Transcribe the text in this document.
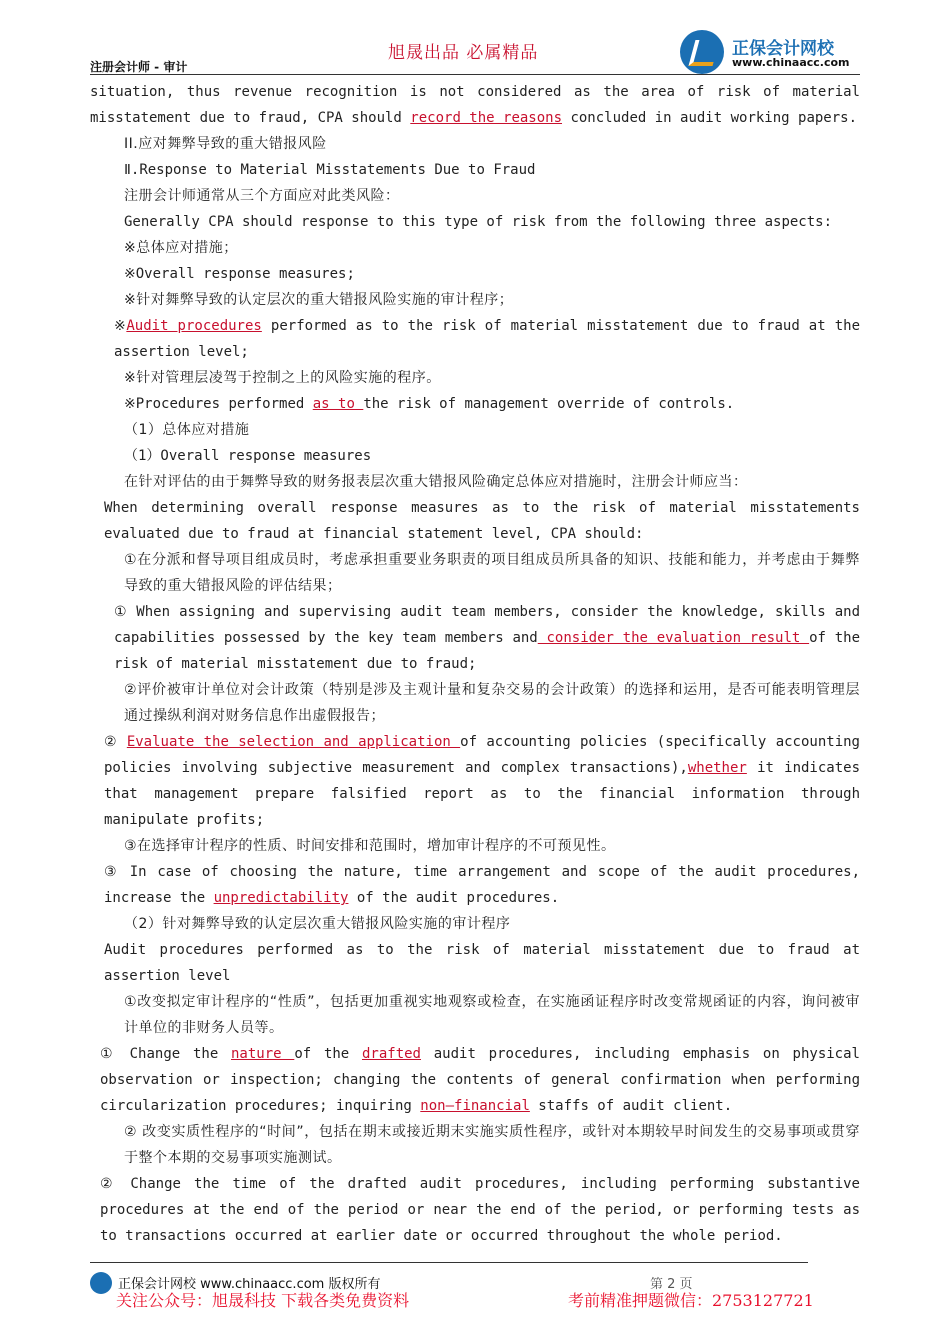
旭晟出品 必属精品
注册会计师 - 审计
正保会计网校
www.chinaacc.com

situation, thus revenue recognition is not considered as the area of risk of material misstatement due to fraud, CPA should record the reasons concluded in audit working papers.

II.应对舞弊导致的重大错报风险

Ⅱ.Response to Material Misstatements Due to Fraud

注册会计师通常从三个方面应对此类风险：

Generally CPA should response to this type of risk from the following three aspects:

※总体应对措施；

※Overall response measures;

※针对舞弊导致的认定层次的重大错报风险实施的审计程序；

※Audit procedures performed as to the risk of material misstatement due to fraud at the assertion level;

※针对管理层凌驾于控制之上的风险实施的程序。

※Procedures performed as to the risk of management override of controls.

（1）总体应对措施

（1）Overall response measures

在针对评估的由于舞弊导致的财务报表层次重大错报风险确定总体应对措施时，注册会计师应当：

When determining overall response measures as to the risk of material misstatements evaluated due to fraud at financial statement level, CPA should:

①在分派和督导项目组成员时，考虑承担重要业务职责的项目组成员所具备的知识、技能和能力，并考虑由于舞弊导致的重大错报风险的评估结果；

① When assigning and supervising audit team members, consider the knowledge, skills and capabilities possessed by the key team members and consider the evaluation result of the risk of material misstatement due to fraud;

②评价被审计单位对会计政策（特别是涉及主观计量和复杂交易的会计政策）的选择和运用，是否可能表明管理层通过操纵利润对财务信息作出虚假报告；

② Evaluate the selection and application of accounting policies (specifically accounting policies involving subjective measurement and complex transactions),whether it indicates that management prepare falsified report as to the financial information through manipulate profits;

③在选择审计程序的性质、时间安排和范围时，增加审计程序的不可预见性。

③ In case of choosing the nature, time arrangement and scope of the audit procedures, increase the unpredictability of the audit procedures.

（2）针对舞弊导致的认定层次重大错报风险实施的审计程序

Audit procedures performed as to the risk of material misstatement due to fraud at assertion level

①改变拟定审计程序的“性质”，包括更加重视实地观察或检查，在实施函证程序时改变常规函证的内容，询问被审计单位的非财务人员等。

① Change the nature of the drafted audit procedures, including emphasis on physical observation or inspection; changing the contents of general confirmation when performing circularization procedures; inquiring non—financial staffs of audit client.

② 改变实质性程序的“时间”，包括在期末或接近期末实施实质性程序，或针对本期较早时间发生的交易事项或贯穿于整个本期的交易事项实施测试。

② Change the time of the drafted audit procedures, including performing substantive procedures at the end of the period or near the end of the period, or performing tests as to transactions occurred at earlier date or occurred throughout the whole period.

正保会计网校 www.chinaacc.com 版权所有	第 2 页
关注公众号：旭晟科技 下载各类免费资料	考前精准押题微信：2753127721
